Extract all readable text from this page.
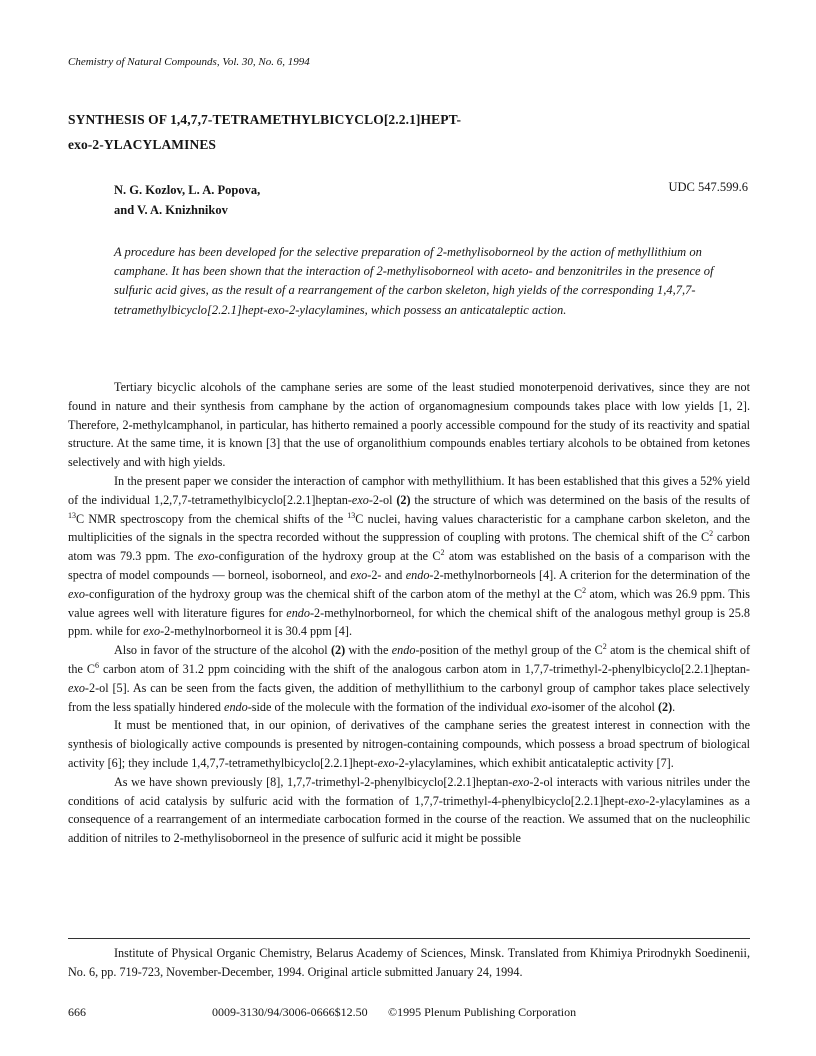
Chemistry of Natural Compounds, Vol. 30, No. 6, 1994
SYNTHESIS OF 1,4,7,7-TETRAMETHYLBICYCLO[2.2.1]HEPT-
exo-2-YLACYLAMINES
N. G. Kozlov, L. A. Popova,
and V. A. Knizhnikov
UDC 547.599.6

A procedure has been developed for the selective preparation of 2-methylisoborneol by the action of methyllithium on camphane. It has been shown that the interaction of 2-methylisoborneol with aceto- and benzonitriles in the presence of sulfuric acid gives, as the result of a rearrangement of the carbon skeleton, high yields of the corresponding 1,4,7,7-tetramethylbicyclo[2.2.1]hept-exo-2-ylacylamines, which possess an anticataleptic action.

Tertiary bicyclic alcohols of the camphane series are some of the least studied monoterpenoid derivatives, since they are not found in nature and their synthesis from camphane by the action of organomagnesium compounds takes place with low yields [1, 2]. Therefore, 2-methylcamphanol, in particular, has hitherto remained a poorly accessible compound for the study of its reactivity and spatial structure. At the same time, it is known [3] that the use of organolithium compounds enables tertiary alcohols to be obtained from ketones selectively and with high yields.

In the present paper we consider the interaction of camphor with methyllithium. It has been established that this gives a 52% yield of the individual 1,2,7,7-tetramethylbicyclo[2.2.1]heptan-exo-2-ol (2) the structure of which was determined on the basis of the results of $^{13}$C NMR spectroscopy from the chemical shifts of the $^{13}$C nuclei, having values characteristic for a camphane carbon skeleton, and the multiplicities of the signals in the spectra recorded without the suppression of coupling with protons. The chemical shift of the $C^2$ carbon atom was 79.3 ppm. The exo-configuration of the hydroxy group at the $C^2$ atom was established on the basis of a comparison with the spectra of model compounds — borneol, isoborneol, and exo-2- and endo-2-methylnorborneols [4]. A criterion for the determination of the exo-configuration of the hydroxy group was the chemical shift of the carbon atom of the methyl at the $C^2$ atom, which was 26.9 ppm. This value agrees well with literature figures for endo-2-methylnorborneol, for which the chemical shift of the analogous methyl group is 25.8 ppm. while for exo-2-methylnorborneol it is 30.4 ppm [4].

Also in favor of the structure of the alcohol (2) with the endo-position of the methyl group of the $C^2$ atom is the chemical shift of the $C^6$ carbon atom of 31.2 ppm coinciding with the shift of the analogous carbon atom in 1,7,7-trimethyl-2-phenylbicyclo[2.2.1]heptan-exo-2-ol [5]. As can be seen from the facts given, the addition of methyllithium to the carbonyl group of camphor takes place selectively from the less spatially hindered endo-side of the molecule with the formation of the individual exo-isomer of the alcohol (2).

It must be mentioned that, in our opinion, of derivatives of the camphane series the greatest interest in connection with the synthesis of biologically active compounds is presented by nitrogen-containing compounds, which possess a broad spectrum of biological activity [6]; they include 1,4,7,7-tetramethylbicyclo[2.2.1]hept-exo-2-ylacylamines, which exhibit anticataleptic activity [7].

As we have shown previously [8], 1,7,7-trimethyl-2-phenylbicyclo[2.2.1]heptan-exo-2-ol interacts with various nitriles under the conditions of acid catalysis by sulfuric acid with the formation of 1,7,7-trimethyl-4-phenylbicyclo[2.2.1]hept-exo-2-ylacylamines as a consequence of a rearrangement of an intermediate carbocation formed in the course of the reaction. We assumed that on the nucleophilic addition of nitriles to 2-methylisoborneol in the presence of sulfuric acid it might be possible

Institute of Physical Organic Chemistry, Belarus Academy of Sciences, Minsk. Translated from Khimiya Prirodnykh Soedinenii, No. 6, pp. 719-723, November-December, 1994. Original article submitted January 24, 1994.
666	0009-3130/94/3006-0666$12.50 ©1995 Plenum Publishing Corporation
